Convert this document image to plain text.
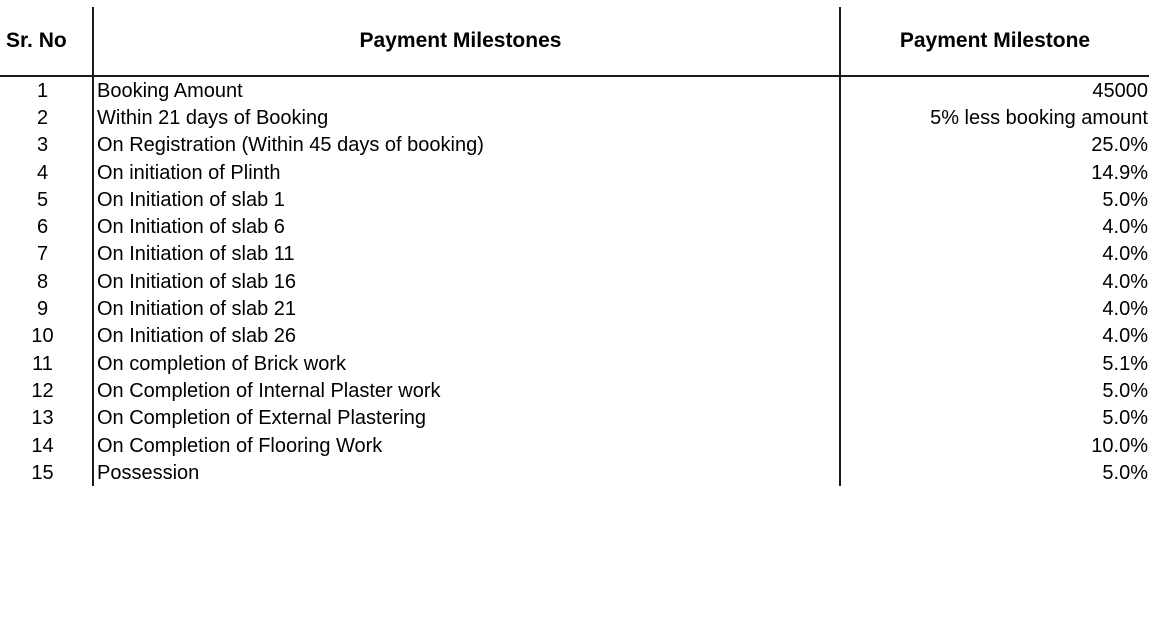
Sr. No	Payment Milestones	Payment Milestone
1	Booking Amount	45000
2	Within 21 days of Booking	5% less booking amount
3	On Registration (Within 45 days of booking)	25.0%
4	On initiation of Plinth	14.9%
5	On Initiation of slab 1	5.0%
6	On Initiation of slab 6	4.0%
7	On Initiation of slab 11	4.0%
8	On Initiation of slab 16	4.0%
9	On Initiation of slab 21	4.0%
10	On Initiation of slab 26	4.0%
11	On completion of Brick work	5.1%
12	On Completion of Internal Plaster work	5.0%
13	On Completion of External Plastering	5.0%
14	On Completion of Flooring Work	10.0%
15	Possession	5.0%
